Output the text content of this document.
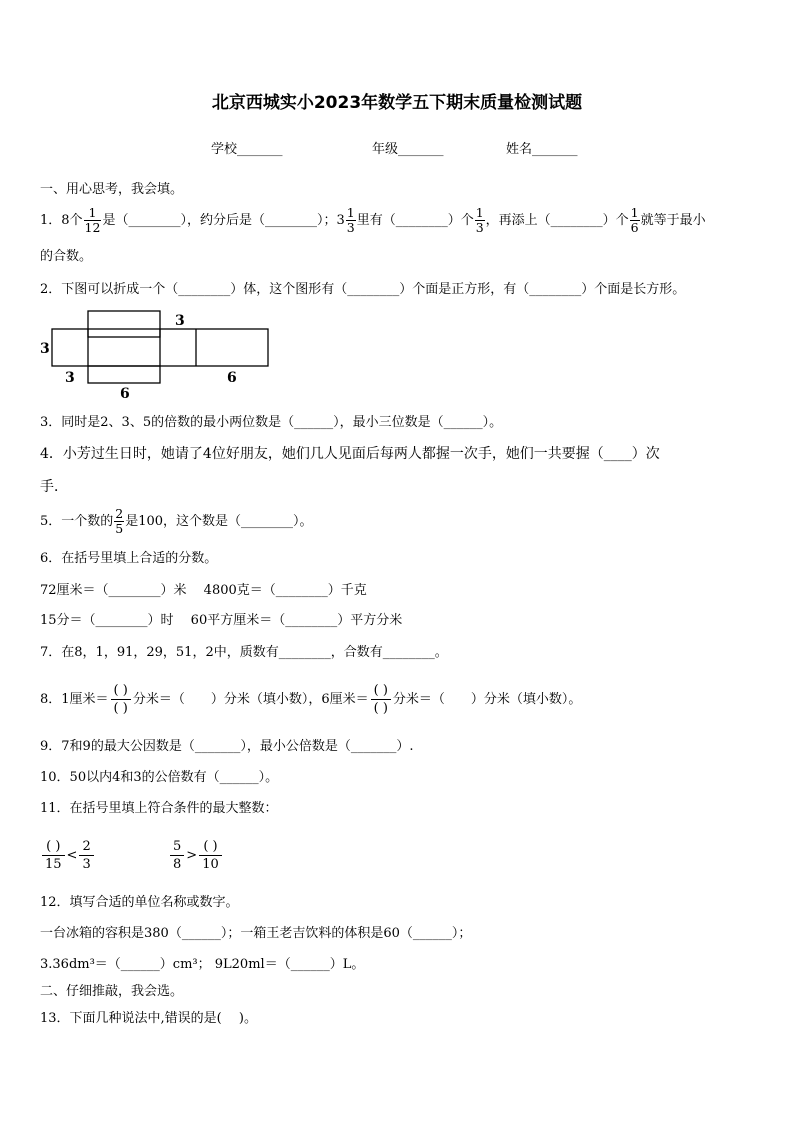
北京西城实小2023年数学五下期末质量检测试题
学校_______	年级_______	姓名_______
一、用心思考，我会填。
1．8个 $\frac{1}{12}$ 是（________），约分后是（________）；$3 \frac{1}{3}$ 里有（________）个 $\frac{1}{3}$ ，再添上（________）个 $\frac{1}{6}$ 就等于最小
的合数。
2．下图可以折成一个（________）体，这个图形有（________）个面是正方形，有（________）个面是长方形。
3
3
3
6
6
3．同时是2、3、5的倍数的最小两位数是（______），最小三位数是（______）。
4．小芳过生日时，她请了4位好朋友，她们几人见面后每两人都握一次手，她们一共要握（____）次
手．
5．一个数的 $\frac{2}{5}$ 是100，这个数是（________）。
6．在括号里填上合适的分数。
72厘米＝（________）米　 4800克＝（________）千克
15分＝（________）时　 60平方厘米＝（________）平方分米
7．在8，1，91，29，51，2中，质数有________，合数有________。
8．1厘米＝
( )
( )
分米＝（　　）分米（填小数），6厘米＝
( )
( )
分米＝（　　）分米（填小数）。
9．7和9的最大公因数是（_______），最小公倍数是（_______）.
10．50以内4和3的公倍数有（______）。
11．在括号里填上符合条件的最大整数：
( )
15
< $\frac{2}{3}$	$\frac{5}{8}$ >
( )
10
12．填写合适的单位名称或数字。
一台冰箱的容积是380（______）；一箱王老吉饮料的体积是60（______）；
3.36dm³＝（______）cm³； 9L20ml＝（______）L。
二、仔细推敲，我会选。
13．下面几种说法中,错误的是(　 )。
